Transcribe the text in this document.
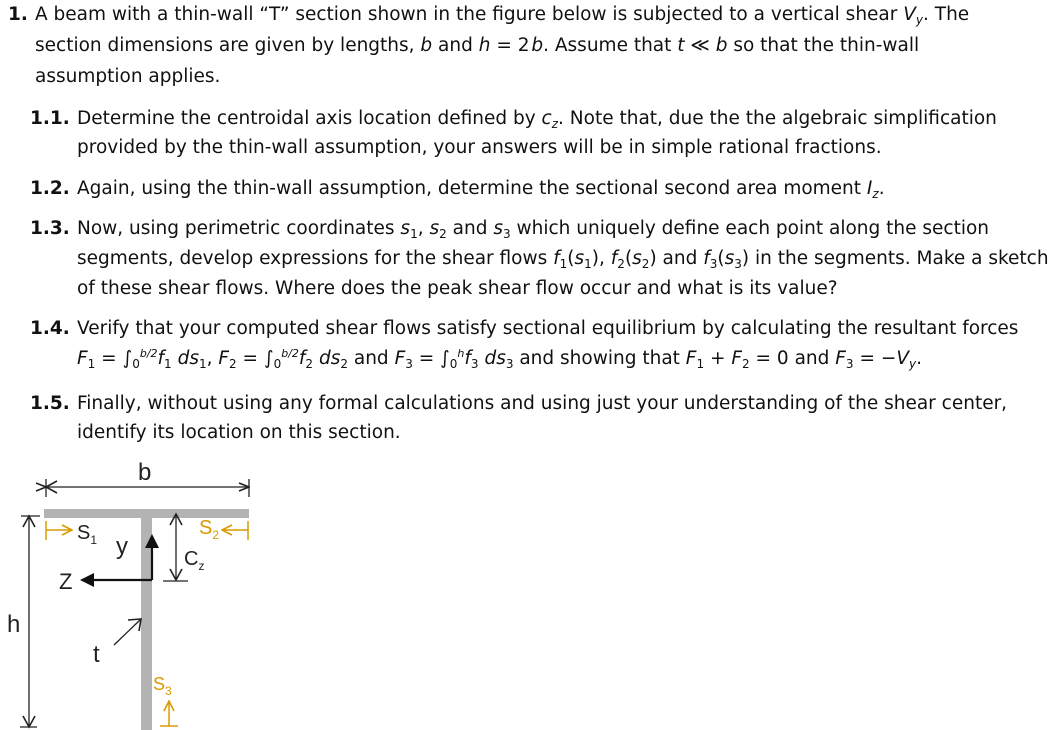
1. A beam with a thin-wall “T” section shown in the figure below is subjected to a vertical shear $V_y$. The
section dimensions are given by lengths, b and h = 2 b. Assume that t ≪ b so that the thin-wall
assumption applies.
1.1. Determine the centroidal axis location defined by $c_z$. Note that, due the the algebraic simplification
provided by the thin-wall assumption, your answers will be in simple rational fractions.
1.2. Again, using the thin-wall assumption, determine the sectional second area moment $I_z$.
1.3. Now, using perimetric coordinates $s_1$, $s_2$ and $s_3$ which uniquely define each point along the section
segments, develop expressions for the shear flows $f_1(s_1)$, $f_2(s_2)$ and $f_3(s_3)$ in the segments. Make a sketch
of these shear flows. Where does the peak shear flow occur and what is its value?
1.4. Verify that your computed shear flows satisfy sectional equilibrium by calculating the resultant forces
$F_1 = \int_0^{b/2}f_1$ $ds_1$, $F_2 = \int_0^{b/2}f_2$ $ds_2$ and $F_3 = \int_0^hf_3$ $ds_3$ and showing that $F_1 + F_2 = 0$ and $F_3 = -V_y$.
1.5. Finally, without using any formal calculations and using just your understanding of the shear center,
identify its location on this section.
b
h
$S_1$
$S_2$
y
Z
$C_z$
t
$S_3$
